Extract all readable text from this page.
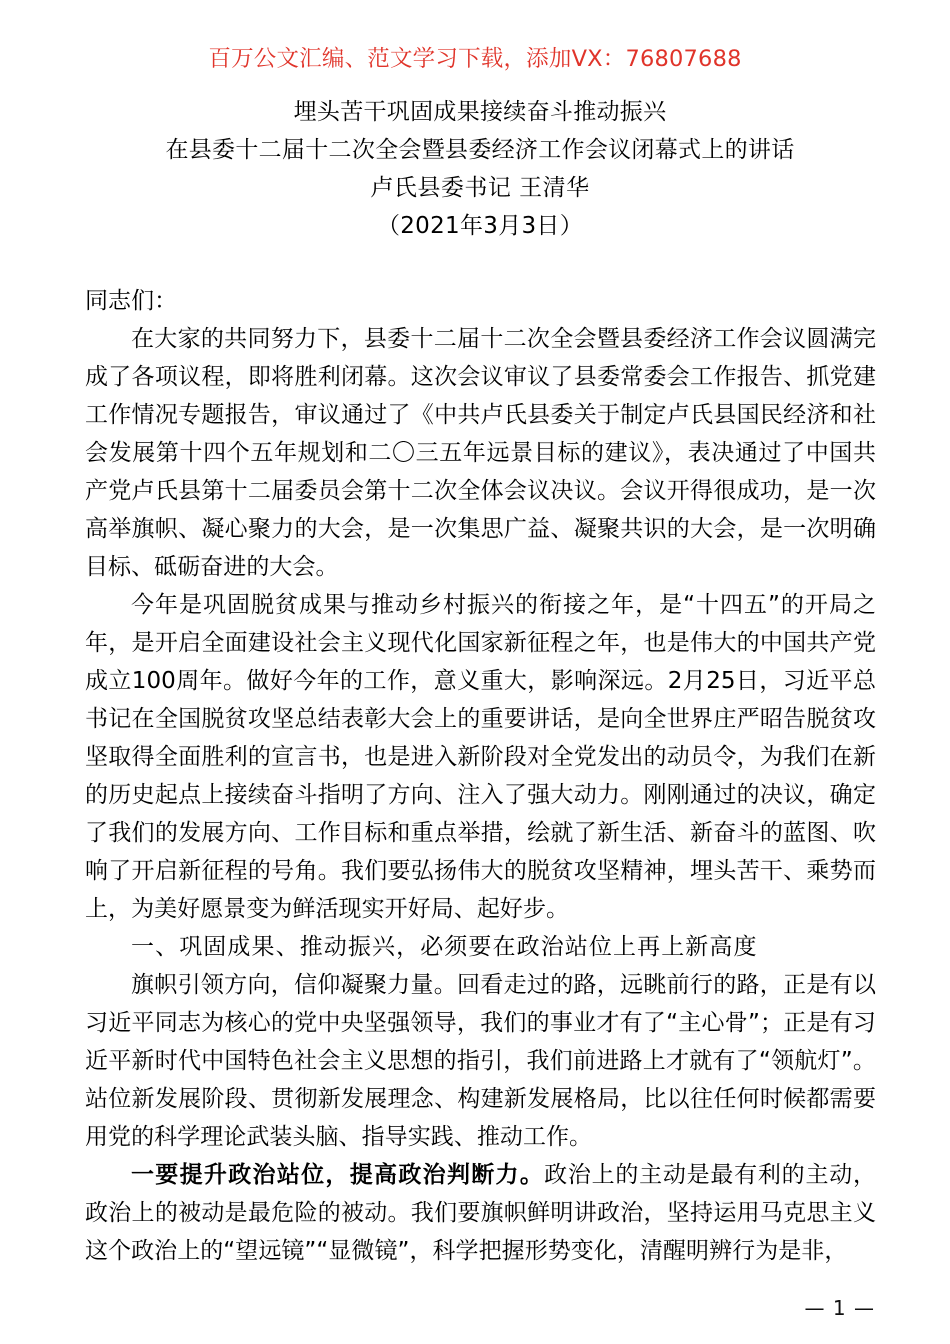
百万公文汇编、范文学习下载，添加VX：76807688
埋头苦干巩固成果接续奋斗推动振兴
在县委十二届十二次全会暨县委经济工作会议闭幕式上的讲话
卢氏县委书记 王清华
（2021年3月3日）

同志们：

在大家的共同努力下，县委十二届十二次全会暨县委经济工作会议圆满完成了各项议程，即将胜利闭幕。这次会议审议了县委常委会工作报告、抓党建工作情况专题报告，审议通过了《中共卢氏县委关于制定卢氏县国民经济和社会发展第十四个五年规划和二〇三五年远景目标的建议》，表决通过了中国共产党卢氏县第十二届委员会第十二次全体会议决议。会议开得很成功，是一次高举旗帜、凝心聚力的大会，是一次集思广益、凝聚共识的大会，是一次明确目标、砥砺奋进的大会。

今年是巩固脱贫成果与推动乡村振兴的衔接之年，是“十四五”的开局之年，是开启全面建设社会主义现代化国家新征程之年，也是伟大的中国共产党成立100周年。做好今年的工作，意义重大，影响深远。2月25日，习近平总书记在全国脱贫攻坚总结表彰大会上的重要讲话，是向全世界庄严昭告脱贫攻坚取得全面胜利的宣言书，也是进入新阶段对全党发出的动员令，为我们在新的历史起点上接续奋斗指明了方向、注入了强大动力。刚刚通过的决议，确定了我们的发展方向、工作目标和重点举措，绘就了新生活、新奋斗的蓝图、吹响了开启新征程的号角。我们要弘扬伟大的脱贫攻坚精神，埋头苦干、乘势而上，为美好愿景变为鲜活现实开好局、起好步。

一、巩固成果、推动振兴，必须要在政治站位上再上新高度

旗帜引领方向，信仰凝聚力量。回看走过的路，远眺前行的路，正是有以习近平同志为核心的党中央坚强领导，我们的事业才有了“主心骨”；正是有习近平新时代中国特色社会主义思想的指引，我们前进路上才就有了“领航灯”。站位新发展阶段、贯彻新发展理念、构建新发展格局，比以往任何时候都需要用党的科学理论武装头脑、指导实践、推动工作。

一要提升政治站位，提高政治判断力。政治上的主动是最有利的主动，政治上的被动是最危险的被动。我们要旗帜鲜明讲政治，坚持运用马克思主义这个政治上的“望远镜”“显微镜”，科学把握形势变化，清醒明辨行为是非，

— 1 —
